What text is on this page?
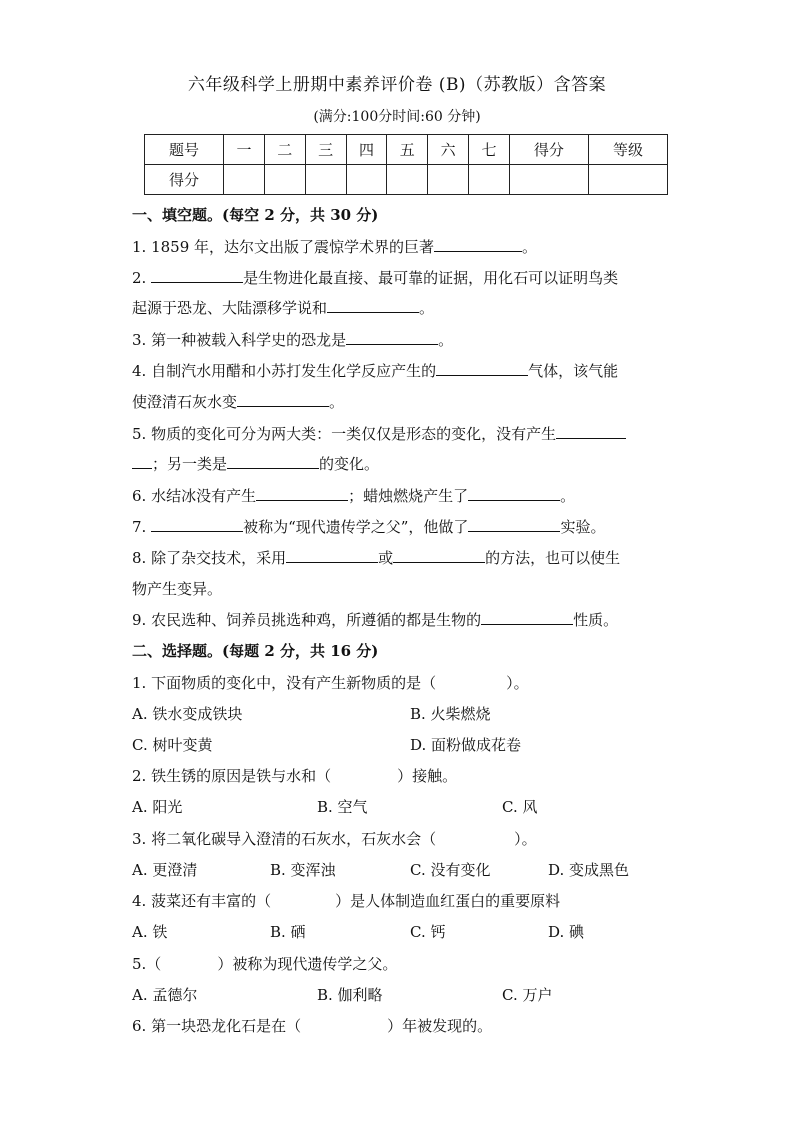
六年级科学上册期中素养评价卷 (B)（苏教版）含答案
(满分:100分时间:60 分钟)
题号	一	二	三	四	五	六	七	得分	等级
得分									
一、填空题。(每空 2 分，共 30 分)
1. 1859 年，达尔文出版了震惊学术界的巨著	。
2.	是生物进化最直接、最可靠的证据，用化石可以证明鸟类
起源于恐龙、大陆漂移学说和	。
3. 第一种被载入科学史的恐龙是	。
4. 自制汽水用醋和小苏打发生化学反应产生的	气体，该气能
使澄清石灰水变	。
5. 物质的变化可分为两大类：一类仅仅是形态的变化，没有产生
；另一类是	的变化。
6. 水结冰没有产生	；蜡烛燃烧产生了	。
7.	被称为“现代遗传学之父”，他做了	实验。
8. 除了杂交技术，采用	或	的方法，也可以使生
物产生变异。
9. 农民选种、饲养员挑选种鸡，所遵循的都是生物的	性质。
二、选择题。(每题 2 分，共 16 分)
1. 下面物质的变化中，没有产生新物质的是（	）。
A. 铁水变成铁块	B. 火柴燃烧
C. 树叶变黄	D. 面粉做成花卷
2. 铁生锈的原因是铁与水和（	）接触。
A. 阳光	B. 空气	C. 风
3. 将二氧化碳导入澄清的石灰水，石灰水会（	）。
A. 更澄清	B. 变浑浊	C. 没有变化	D. 变成黑色
4. 菠菜还有丰富的（	）是人体制造血红蛋白的重要原料
A. 铁	B. 硒	C. 钙	D. 碘
5.（	）被称为现代遗传学之父。
A. 孟德尔	B. 伽利略	C. 万户
6. 第一块恐龙化石是在（	）年被发现的。
